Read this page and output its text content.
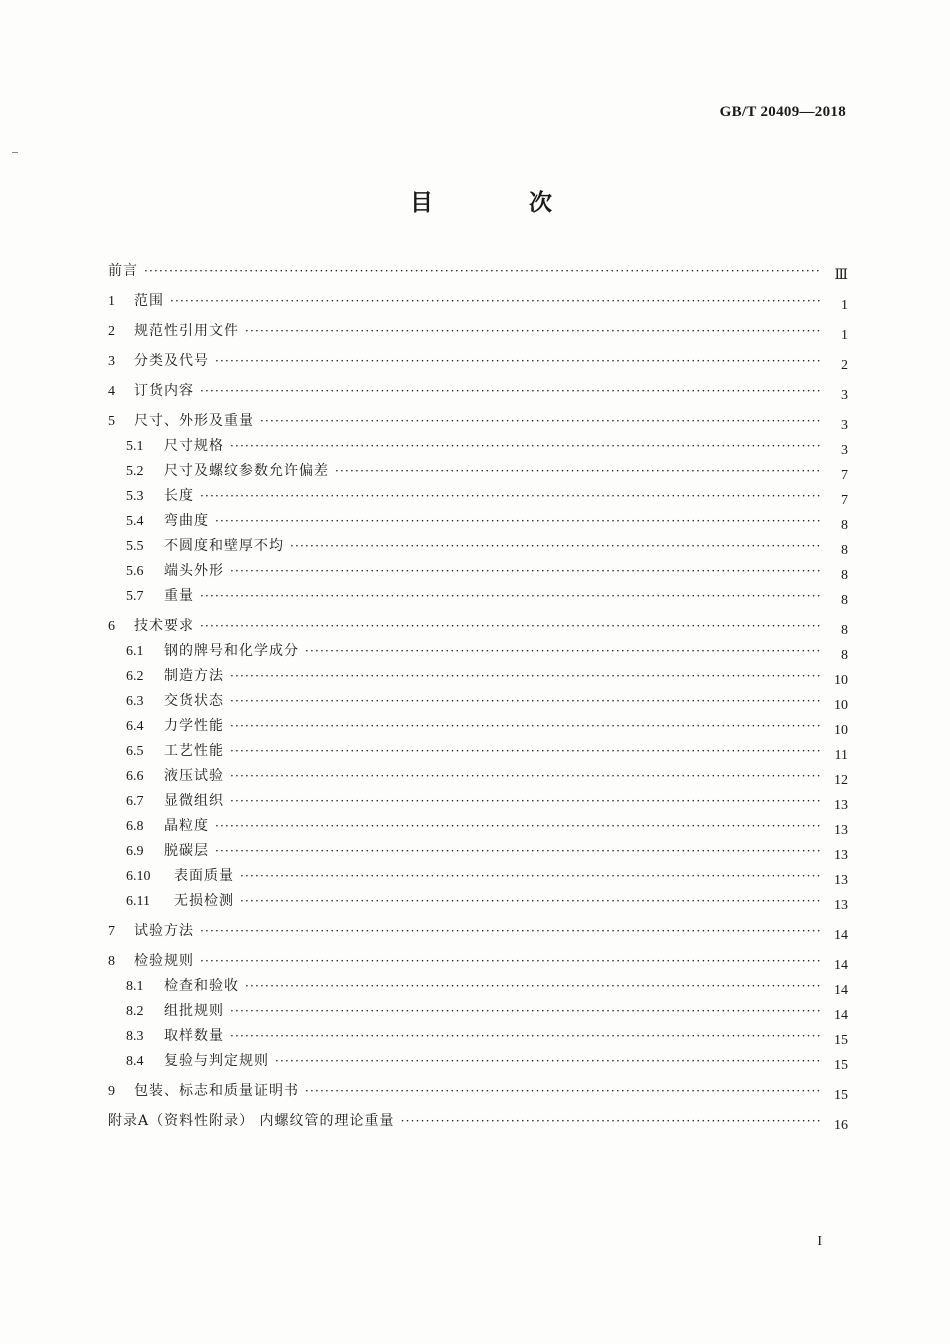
GB/T 20409—2018
目 次
前言 ·····	Ⅲ
1	范围 ·····	1
2	规范性引用文件 ·····	1
3	分类及代号 ·····	2
4	订货内容 ·····	3
5	尺寸、外形及重量 ·····	3
5.1	尺寸规格 ·····	3
5.2	尺寸及螺纹参数允许偏差 ·····	7
5.3	长度 ·····	7
5.4	弯曲度 ·····	8
5.5	不圆度和壁厚不均 ·····	8
5.6	端头外形 ·····	8
5.7	重量 ·····	8
6	技术要求 ·····	8
6.1	钢的牌号和化学成分 ·····	8
6.2	制造方法 ·····	10
6.3	交货状态 ·····	10
6.4	力学性能 ·····	10
6.5	工艺性能 ·····	11
6.6	液压试验 ·····	12
6.7	显微组织 ·····	13
6.8	晶粒度 ·····	13
6.9	脱碳层 ·····	13
6.10	表面质量 ·····	13
6.11	无损检测 ·····	13
7	试验方法 ·····	14
8	检验规则 ·····	14
8.1	检查和验收 ·····	14
8.2	组批规则 ·····	14
8.3	取样数量 ·····	15
8.4	复验与判定规则 ·····	15
9	包装、标志和质量证明书 ·····	15
附录A（资料性附录） 内螺纹管的理论重量 ·····	16
I
